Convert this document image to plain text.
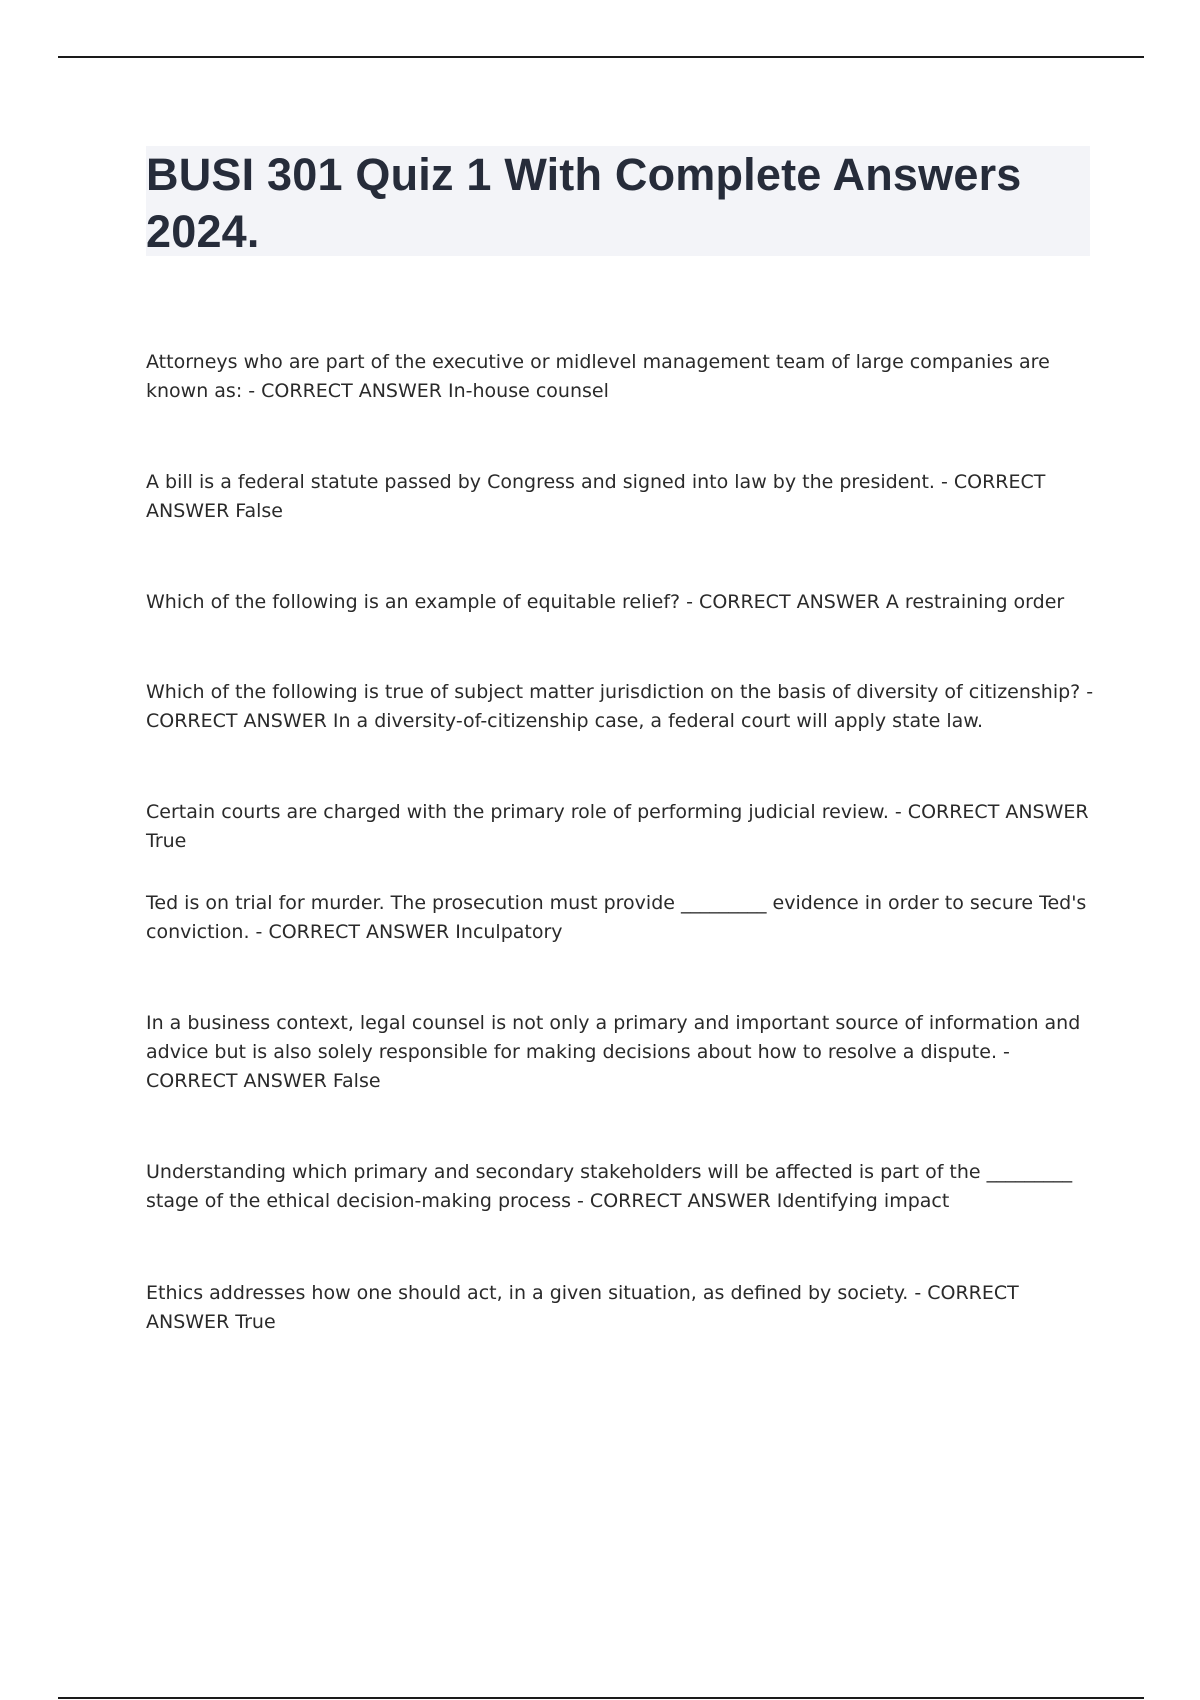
BUSI 301 Quiz 1 With Complete Answers 2024.

Attorneys who are part of the executive or midlevel management team of large companies are known as: - CORRECT ANSWER In-house counsel

A bill is a federal statute passed by Congress and signed into law by the president. - CORRECT ANSWER False

Which of the following is an example of equitable relief? - CORRECT ANSWER A restraining order

Which of the following is true of subject matter jurisdiction on the basis of diversity of citizenship? - CORRECT ANSWER In a diversity-of-citizenship case, a federal court will apply state law.

Certain courts are charged with the primary role of performing judicial review. - CORRECT ANSWER True

Ted is on trial for murder. The prosecution must provide _________ evidence in order to secure Ted's conviction. - CORRECT ANSWER Inculpatory

In a business context, legal counsel is not only a primary and important source of information and advice but is also solely responsible for making decisions about how to resolve a dispute. - CORRECT ANSWER False

Understanding which primary and secondary stakeholders will be affected is part of the _________ stage of the ethical decision-making process - CORRECT ANSWER Identifying impact

Ethics addresses how one should act, in a given situation, as defined by society. - CORRECT ANSWER True
